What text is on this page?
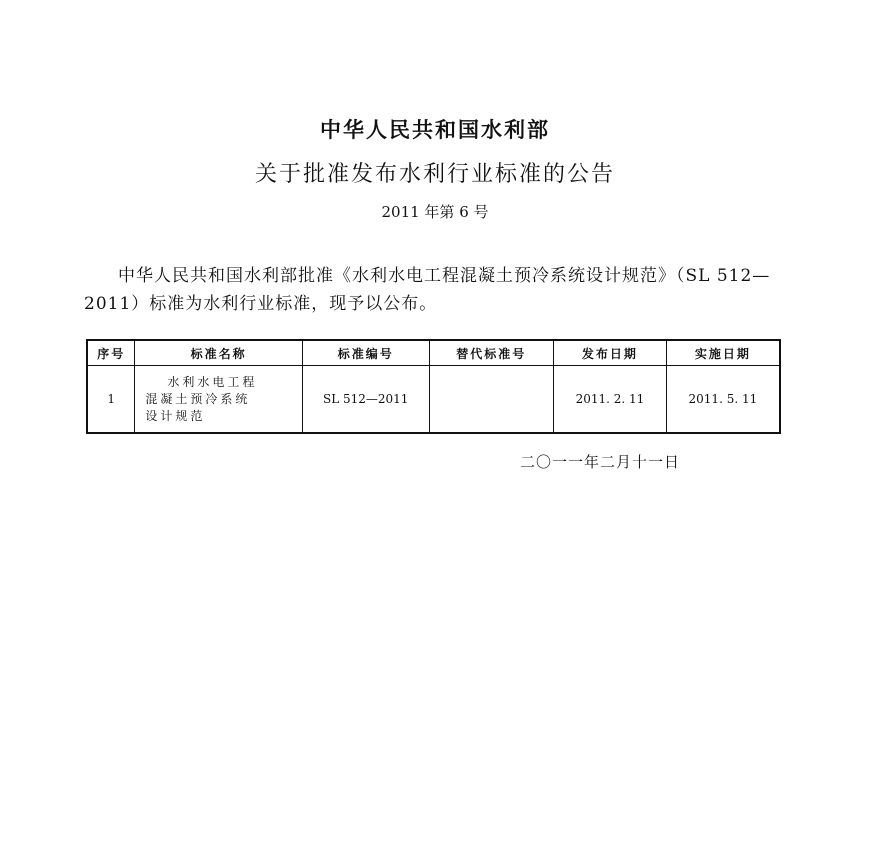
中华人民共和国水利部
关于批准发布水利行业标准的公告
2011 年第 6 号
中华人民共和国水利部批准《水利水电工程混凝土预冷系统设计规范》（SL 512—2011）标准为水利行业标准，现予以公布。
序号	标准名称	标准编号	替代标准号	发布日期	实施日期
1	水利水电工程
混凝土预冷系统
设计规范	SL 512—2011		2011. 2. 11	2011. 5. 11
二〇一一年二月十一日
